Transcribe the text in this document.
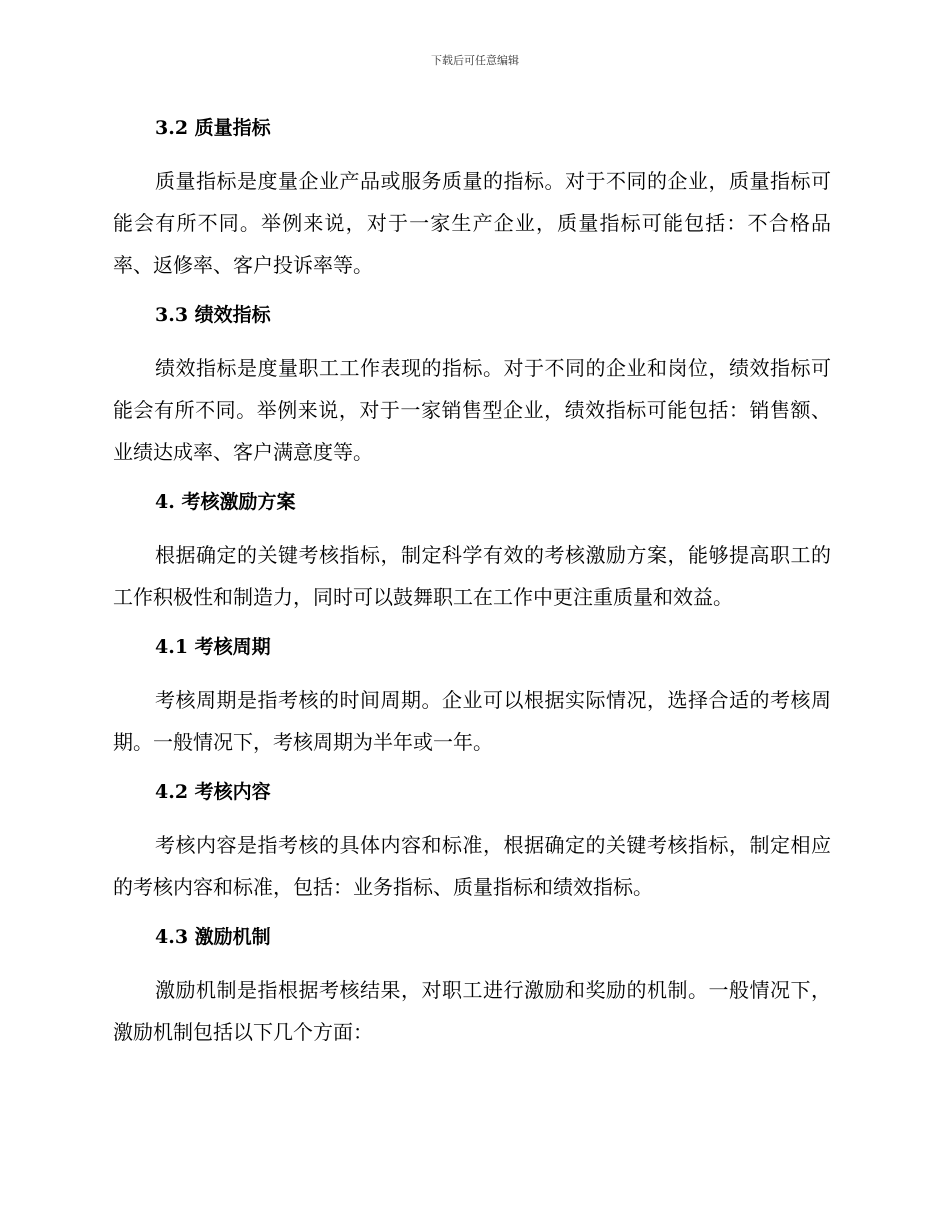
下载后可任意编辑
3.2 质量指标

质量指标是度量企业产品或服务质量的指标。对于不同的企业，质量指标可能会有所不同。举例来说，对于一家生产企业，质量指标可能包括：不合格品率、返修率、客户投诉率等。

3.3 绩效指标

绩效指标是度量职工工作表现的指标。对于不同的企业和岗位，绩效指标可能会有所不同。举例来说，对于一家销售型企业，绩效指标可能包括：销售额、业绩达成率、客户满意度等。

4. 考核激励方案

根据确定的关键考核指标，制定科学有效的考核激励方案，能够提高职工的工作积极性和制造力，同时可以鼓舞职工在工作中更注重质量和效益。

4.1 考核周期

考核周期是指考核的时间周期。企业可以根据实际情况，选择合适的考核周期。一般情况下，考核周期为半年或一年。

4.2 考核内容

考核内容是指考核的具体内容和标准，根据确定的关键考核指标，制定相应的考核内容和标准，包括：业务指标、质量指标和绩效指标。

4.3 激励机制

激励机制是指根据考核结果，对职工进行激励和奖励的机制。一般情况下，激励机制包括以下几个方面：
